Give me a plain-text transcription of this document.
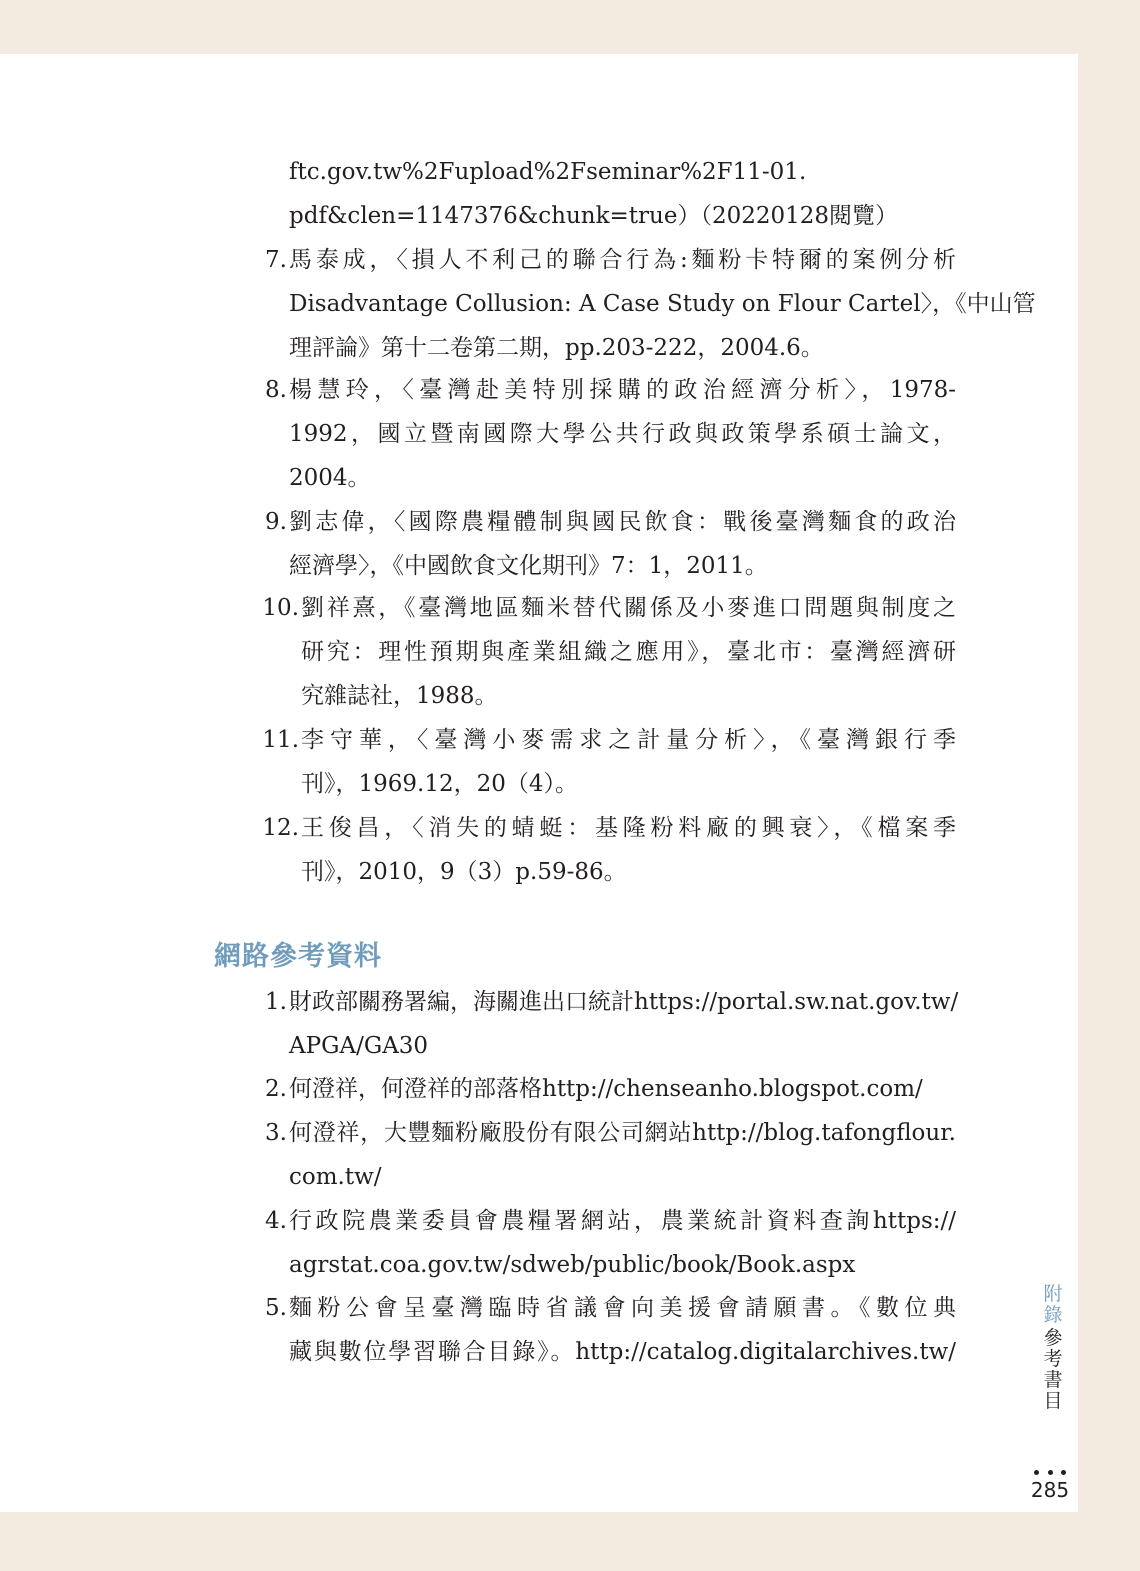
ftc.gov.tw%2Fupload%2Fseminar%2F11-01.
pdf&clen=1147376&chunk=true）（20220128閱覽）
7. 馬泰成，〈損人不利己的聯合行為:麵粉卡特爾的案例分析
Disadvantage Collusion: A Case Study on Flour Cartel〉，《中山管
理評論》第十二卷第二期，pp.203-222，2004.6。
8. 楊慧玲，〈臺灣赴美特別採購的政治經濟分析〉，1978-
1992，國立暨南國際大學公共行政與政策學系碩士論文，
2004。
9. 劉志偉，〈國際農糧體制與國民飲食：戰後臺灣麵食的政治
經濟學〉，《中國飲食文化期刊》7：1，2011。
10. 劉祥熹，《臺灣地區麵米替代關係及小麥進口問題與制度之
研究：理性預期與產業組織之應用》，臺北市：臺灣經濟研
究雜誌社，1988。
11. 李守華，〈臺灣小麥需求之計量分析〉，《臺灣銀行季
刊》，1969.12，20（4）。
12. 王俊昌，〈消失的蜻蜓：基隆粉料廠的興衰〉，《檔案季
刊》，2010，9（3）p.59-86。
網路參考資料
1. 財政部關務署編，海關進出口統計https://portal.sw.nat.gov.tw/
APGA/GA30
2. 何澄祥，何澄祥的部落格http://chenseanho.blogspot.com/
3. 何澄祥，大豐麵粉廠股份有限公司網站http://blog.tafongflour.
com.tw/
4. 行政院農業委員會農糧署網站，農業統計資料查詢https://
agrstat.coa.gov.tw/sdweb/public/book/Book.aspx
5. 麵粉公會呈臺灣臨時省議會向美援會請願書。《數位典
藏與數位學習聯合目錄》。http://catalog.digitalarchives.tw/
附
錄
參
考
書
目
285
